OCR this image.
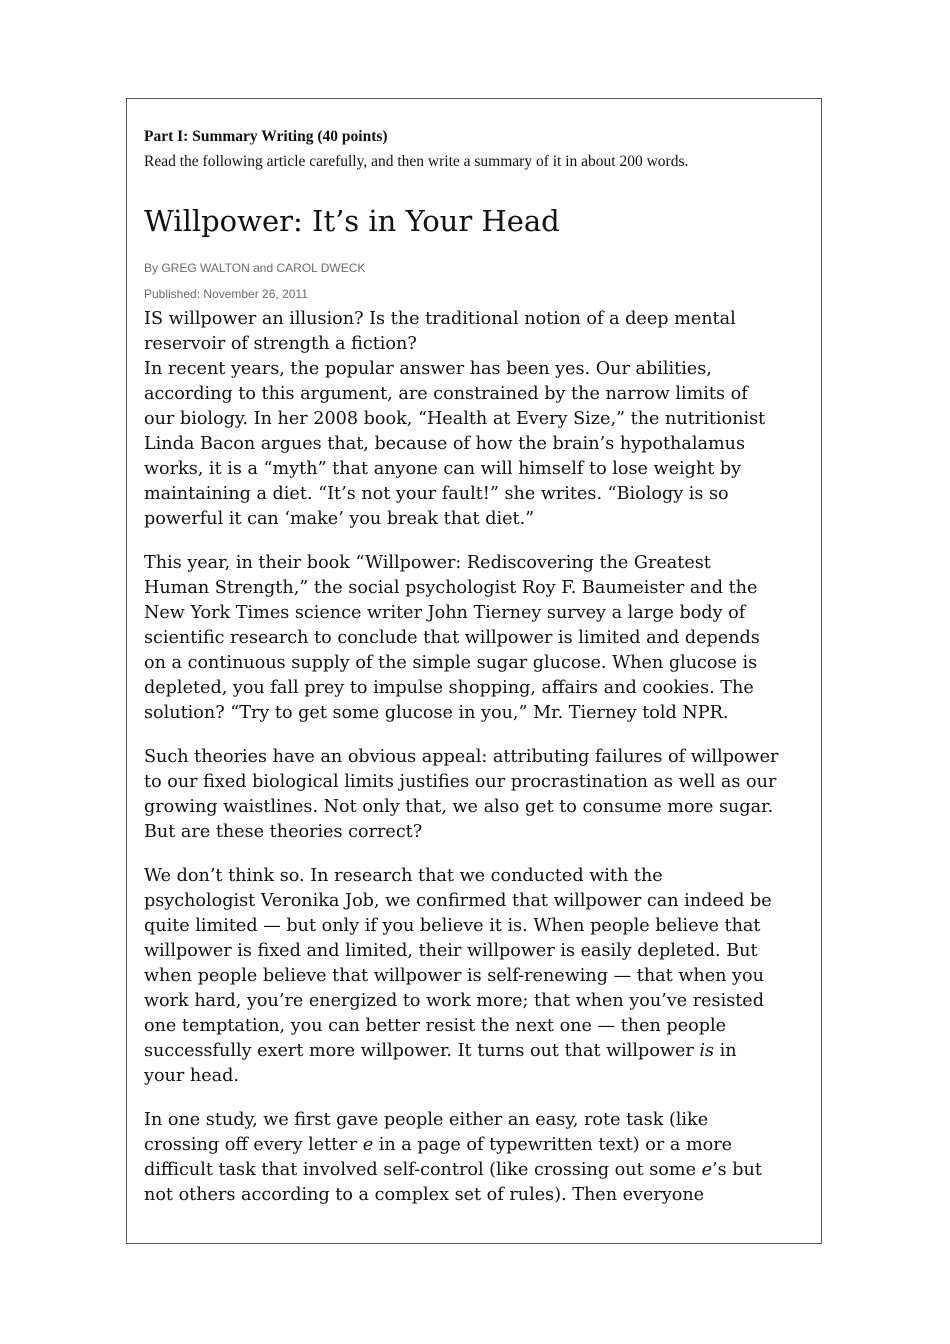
Part I: Summary Writing (40 points)
Read the following article carefully, and then write a summary of it in about 200 words.
Willpower: It’s in Your Head
By GREG WALTON and CAROL DWECK
Published: November 26, 2011

IS willpower an illusion? Is the traditional notion of a deep mental
reservoir of strength a fiction?

In recent years, the popular answer has been yes. Our abilities,
according to this argument, are constrained by the narrow limits of
our biology. In her 2008 book, “Health at Every Size,” the nutritionist
Linda Bacon argues that, because of how the brain’s hypothalamus
works, it is a “myth” that anyone can will himself to lose weight by
maintaining a diet. “It’s not your fault!” she writes. “Biology is so
powerful it can ‘make’ you break that diet.”

This year, in their book “Willpower: Rediscovering the Greatest
Human Strength,” the social psychologist Roy F. Baumeister and the
New York Times science writer John Tierney survey a large body of
scientific research to conclude that willpower is limited and depends
on a continuous supply of the simple sugar glucose. When glucose is
depleted, you fall prey to impulse shopping, affairs and cookies. The
solution? “Try to get some glucose in you,” Mr. Tierney told NPR.

Such theories have an obvious appeal: attributing failures of willpower
to our fixed biological limits justifies our procrastination as well as our
growing waistlines. Not only that, we also get to consume more sugar.
But are these theories correct?

We don’t think so. In research that we conducted with the
psychologist Veronika Job, we confirmed that willpower can indeed be
quite limited — but only if you believe it is. When people believe that
willpower is fixed and limited, their willpower is easily depleted. But
when people believe that willpower is self-renewing — that when you
work hard, you’re energized to work more; that when you’ve resisted
one temptation, you can better resist the next one — then people
successfully exert more willpower. It turns out that willpower is in
your head.

In one study, we first gave people either an easy, rote task (like
crossing off every letter e in a page of typewritten text) or a more
difficult task that involved self-control (like crossing out some e’s but
not others according to a complex set of rules). Then everyone
